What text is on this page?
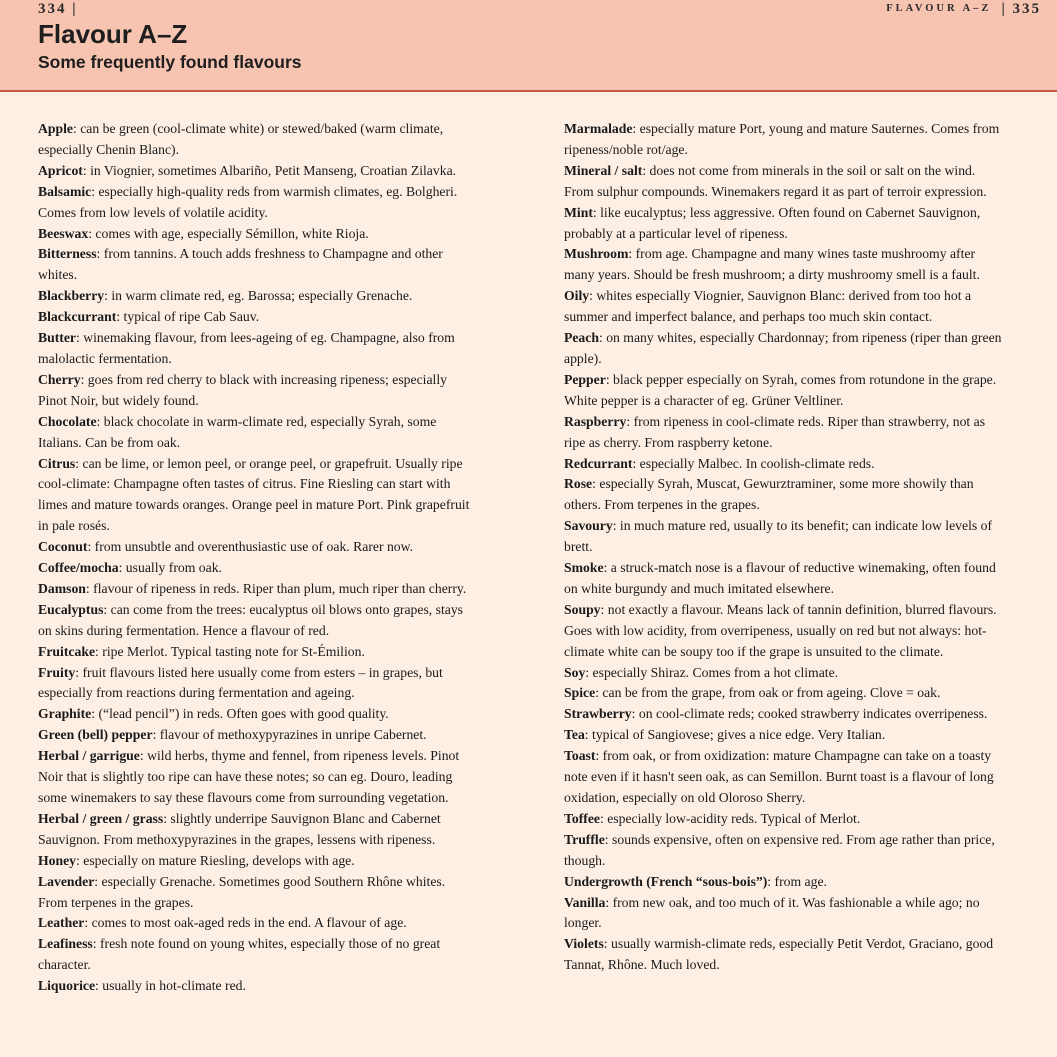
334 |	FLAVOUR A–Z | 335
Flavour A–Z
Some frequently found flavours

Apple: can be green (cool-climate white) or stewed/baked (warm climate, especially Chenin Blanc).

Apricot: in Viognier, sometimes Albariño, Petit Manseng, Croatian Zilavka.

Balsamic: especially high-quality reds from warmish climates, eg. Bolgheri. Comes from low levels of volatile acidity.

Beeswax: comes with age, especially Sémillon, white Rioja.

Bitterness: from tannins. A touch adds freshness to Champagne and other whites.

Blackberry: in warm climate red, eg. Barossa; especially Grenache.

Blackcurrant: typical of ripe Cab Sauv.

Butter: winemaking flavour, from lees-ageing of eg. Champagne, also from malolactic fermentation.

Cherry: goes from red cherry to black with increasing ripeness; especially Pinot Noir, but widely found.

Chocolate: black chocolate in warm-climate red, especially Syrah, some Italians. Can be from oak.

Citrus: can be lime, or lemon peel, or orange peel, or grapefruit. Usually ripe cool-climate: Champagne often tastes of citrus. Fine Riesling can start with limes and mature towards oranges. Orange peel in mature Port. Pink grapefruit in pale rosés.

Coconut: from unsubtle and overenthusiastic use of oak. Rarer now.

Coffee/mocha: usually from oak.

Damson: flavour of ripeness in reds. Riper than plum, much riper than cherry.

Eucalyptus: can come from the trees: eucalyptus oil blows onto grapes, stays on skins during fermentation. Hence a flavour of red.

Fruitcake: ripe Merlot. Typical tasting note for St-Émilion.

Fruity: fruit flavours listed here usually come from esters – in grapes, but especially from reactions during fermentation and ageing.

Graphite: (“lead pencil”) in reds. Often goes with good quality.

Green (bell) pepper: flavour of methoxypyrazines in unripe Cabernet.

Herbal / garrigue: wild herbs, thyme and fennel, from ripeness levels. Pinot Noir that is slightly too ripe can have these notes; so can eg. Douro, leading some winemakers to say these flavours come from surrounding vegetation.

Herbal / green / grass: slightly underripe Sauvignon Blanc and Cabernet Sauvignon. From methoxypyrazines in the grapes, lessens with ripeness.

Honey: especially on mature Riesling, develops with age.

Lavender: especially Grenache. Sometimes good Southern Rhône whites. From terpenes in the grapes.

Leather: comes to most oak-aged reds in the end. A flavour of age.

Leafiness: fresh note found on young whites, especially those of no great character.

Liquorice: usually in hot-climate red.

Marmalade: especially mature Port, young and mature Sauternes. Comes from ripeness/noble rot/age.

Mineral / salt: does not come from minerals in the soil or salt on the wind. From sulphur compounds. Winemakers regard it as part of terroir expression.

Mint: like eucalyptus; less aggressive. Often found on Cabernet Sauvignon, probably at a particular level of ripeness.

Mushroom: from age. Champagne and many wines taste mushroomy after many years. Should be fresh mushroom; a dirty mushroomy smell is a fault.

Oily: whites especially Viognier, Sauvignon Blanc: derived from too hot a summer and imperfect balance, and perhaps too much skin contact.

Peach: on many whites, especially Chardonnay; from ripeness (riper than green apple).

Pepper: black pepper especially on Syrah, comes from rotundone in the grape. White pepper is a character of eg. Grüner Veltliner.

Raspberry: from ripeness in cool-climate reds. Riper than strawberry, not as ripe as cherry. From raspberry ketone.

Redcurrant: especially Malbec. In coolish-climate reds.

Rose: especially Syrah, Muscat, Gewurztraminer, some more showily than others. From terpenes in the grapes.

Savoury: in much mature red, usually to its benefit; can indicate low levels of brett.

Smoke: a struck-match nose is a flavour of reductive winemaking, often found on white burgundy and much imitated elsewhere.

Soupy: not exactly a flavour. Means lack of tannin definition, blurred flavours. Goes with low acidity, from overripeness, usually on red but not always: hot-climate white can be soupy too if the grape is unsuited to the climate.

Soy: especially Shiraz. Comes from a hot climate.

Spice: can be from the grape, from oak or from ageing. Clove = oak.

Strawberry: on cool-climate reds; cooked strawberry indicates overripeness.

Tea: typical of Sangiovese; gives a nice edge. Very Italian.

Toast: from oak, or from oxidization: mature Champagne can take on a toasty note even if it hasn't seen oak, as can Semillon. Burnt toast is a flavour of long oxidation, especially on old Oloroso Sherry.

Toffee: especially low-acidity reds. Typical of Merlot.

Truffle: sounds expensive, often on expensive red. From age rather than price, though.

Undergrowth (French “sous-bois”): from age.

Vanilla: from new oak, and too much of it. Was fashionable a while ago; no longer.

Violets: usually warmish-climate reds, especially Petit Verdot, Graciano, good Tannat, Rhône. Much loved.
